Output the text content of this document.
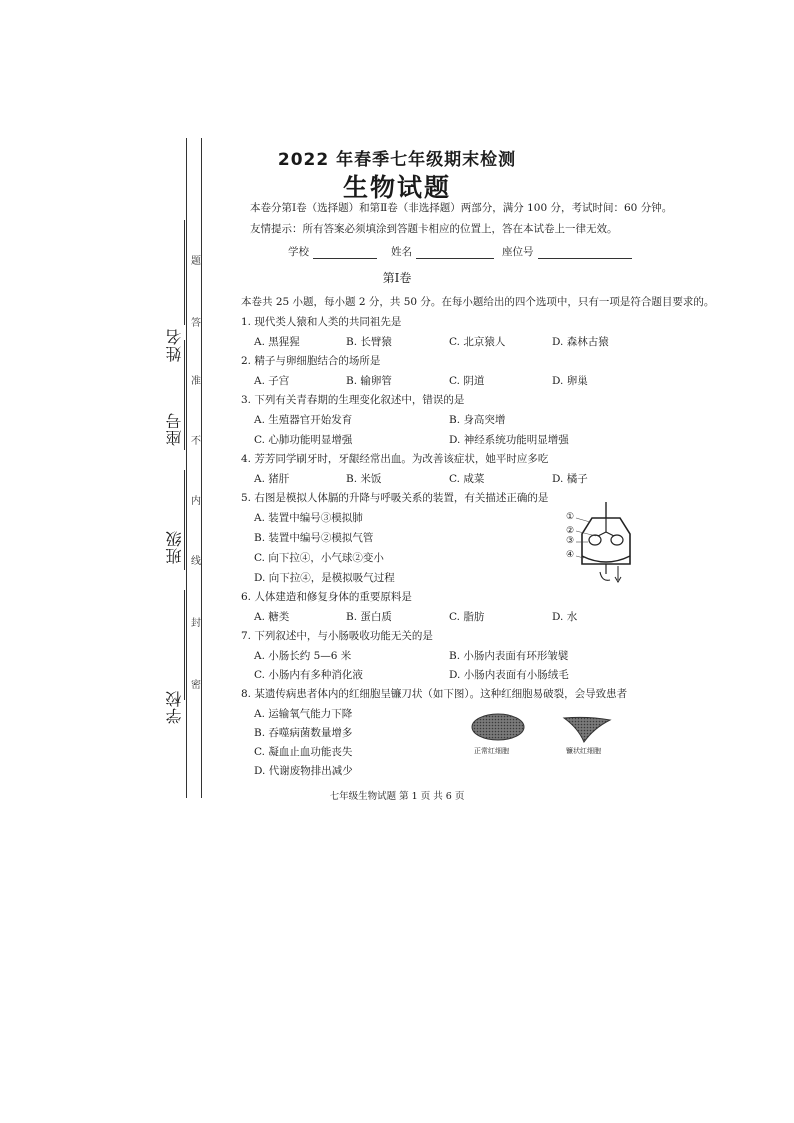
学校
班级
座号
姓名
题
答
准
不
内
线
封
密
2022 年春季七年级期末检测
生物试题
本卷分第Ⅰ卷（选择题）和第Ⅱ卷（非选择题）两部分，满分 100 分，考试时间：60 分钟。
友情提示：所有答案必须填涂到答题卡相应的位置上，答在本试卷上一律无效。
学校	姓名	座位号
第Ⅰ卷
本卷共 25 小题，每小题 2 分，共 50 分。在每小题给出的四个选项中，只有一项是符合题目要求的。
1. 现代类人猿和人类的共同祖先是
A. 黑猩猩	B. 长臂猿	C. 北京猿人	D. 森林古猿
2. 精子与卵细胞结合的场所是
A. 子宫	B. 输卵管	C. 阴道	D. 卵巢
3. 下列有关青春期的生理变化叙述中，错误的是
A. 生殖器官开始发育	B. 身高突增
C. 心肺功能明显增强	D. 神经系统功能明显增强
4. 芳芳同学刷牙时，牙龈经常出血。为改善该症状，她平时应多吃
A. 猪肝	B. 米饭	C. 咸菜	D. 橘子
5. 右图是模拟人体膈的升降与呼吸关系的装置，有关描述正确的是
A. 装置中编号③模拟肺
B. 装置中编号②模拟气管
C. 向下拉④，小气球②变小
D. 向下拉④，是模拟吸气过程
①
②
③
④
6. 人体建造和修复身体的重要原料是
A. 糖类	B. 蛋白质	C. 脂肪	D. 水
7. 下列叙述中，与小肠吸收功能无关的是
A. 小肠长约 5—6 米	B. 小肠内表面有环形皱襞
C. 小肠内有多种消化液	D. 小肠内表面有小肠绒毛
8. 某遗传病患者体内的红细胞呈镰刀状（如下图）。这种红细胞易破裂，会导致患者
A. 运输氧气能力下降
B. 吞噬病菌数量增多
C. 凝血止血功能丧失
D. 代谢废物排出减少
正常红细胞	镰状红细胞
七年级生物试题 第 1 页 共 6 页
